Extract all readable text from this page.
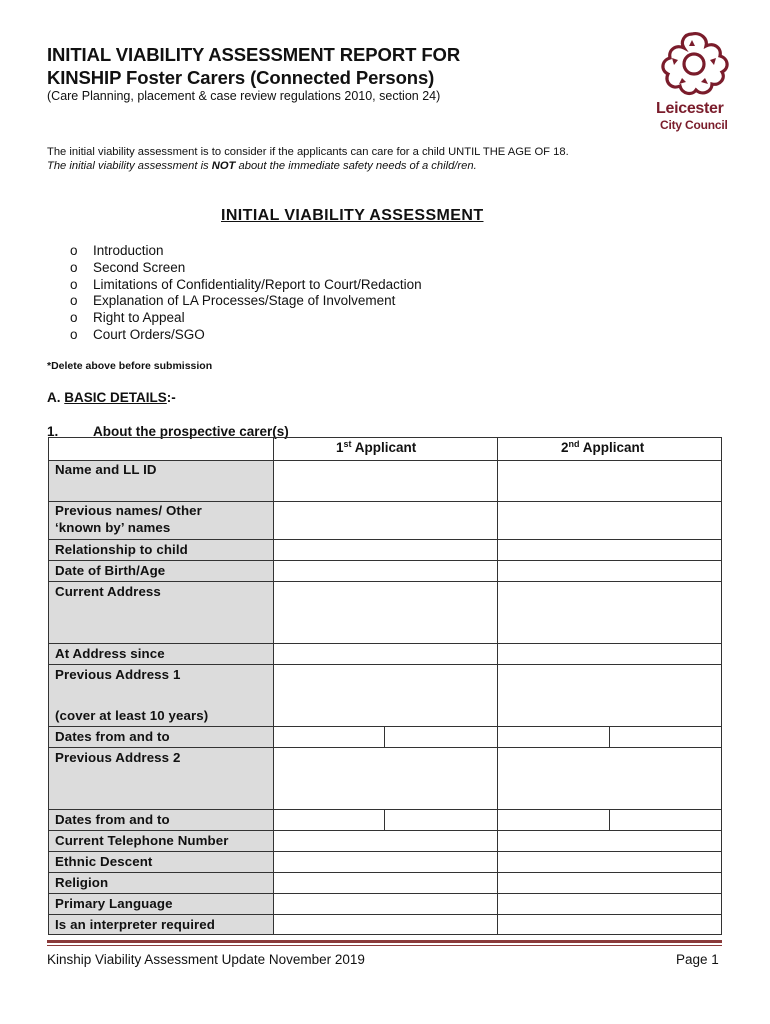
INITIAL VIABILITY ASSESSMENT REPORT FOR
KINSHIP Foster Carers (Connected Persons)
(Care Planning, placement & case review regulations 2010, section 24)
Leicester
City Council
The initial viability assessment is to consider if the applicants can care for a child UNTIL THE AGE OF 18.
The initial viability assessment is NOT about the immediate safety needs of a child/ren.
INITIAL VIABILITY ASSESSMENT
o Introduction
o Second Screen
o Limitations of Confidentiality/Report to Court/Redaction
o Explanation of LA Processes/Stage of Involvement
o Right to Appeal
o Court Orders/SGO
*Delete above before submission
A. BASIC DETAILS:-
1.	About the prospective carer(s)
1st Applicant	2nd Applicant
Name and LL ID
Previous names/ Other
‘known by’ names
Relationship to child
Date of Birth/Age
Current Address
At Address since
Previous Address 1
(cover at least 10 years)
Dates from and to
Previous Address 2
Dates from and to
Current Telephone Number
Ethnic Descent
Religion
Primary Language
Is an interpreter required
Kinship Viability Assessment Update November 2019	Page 1
